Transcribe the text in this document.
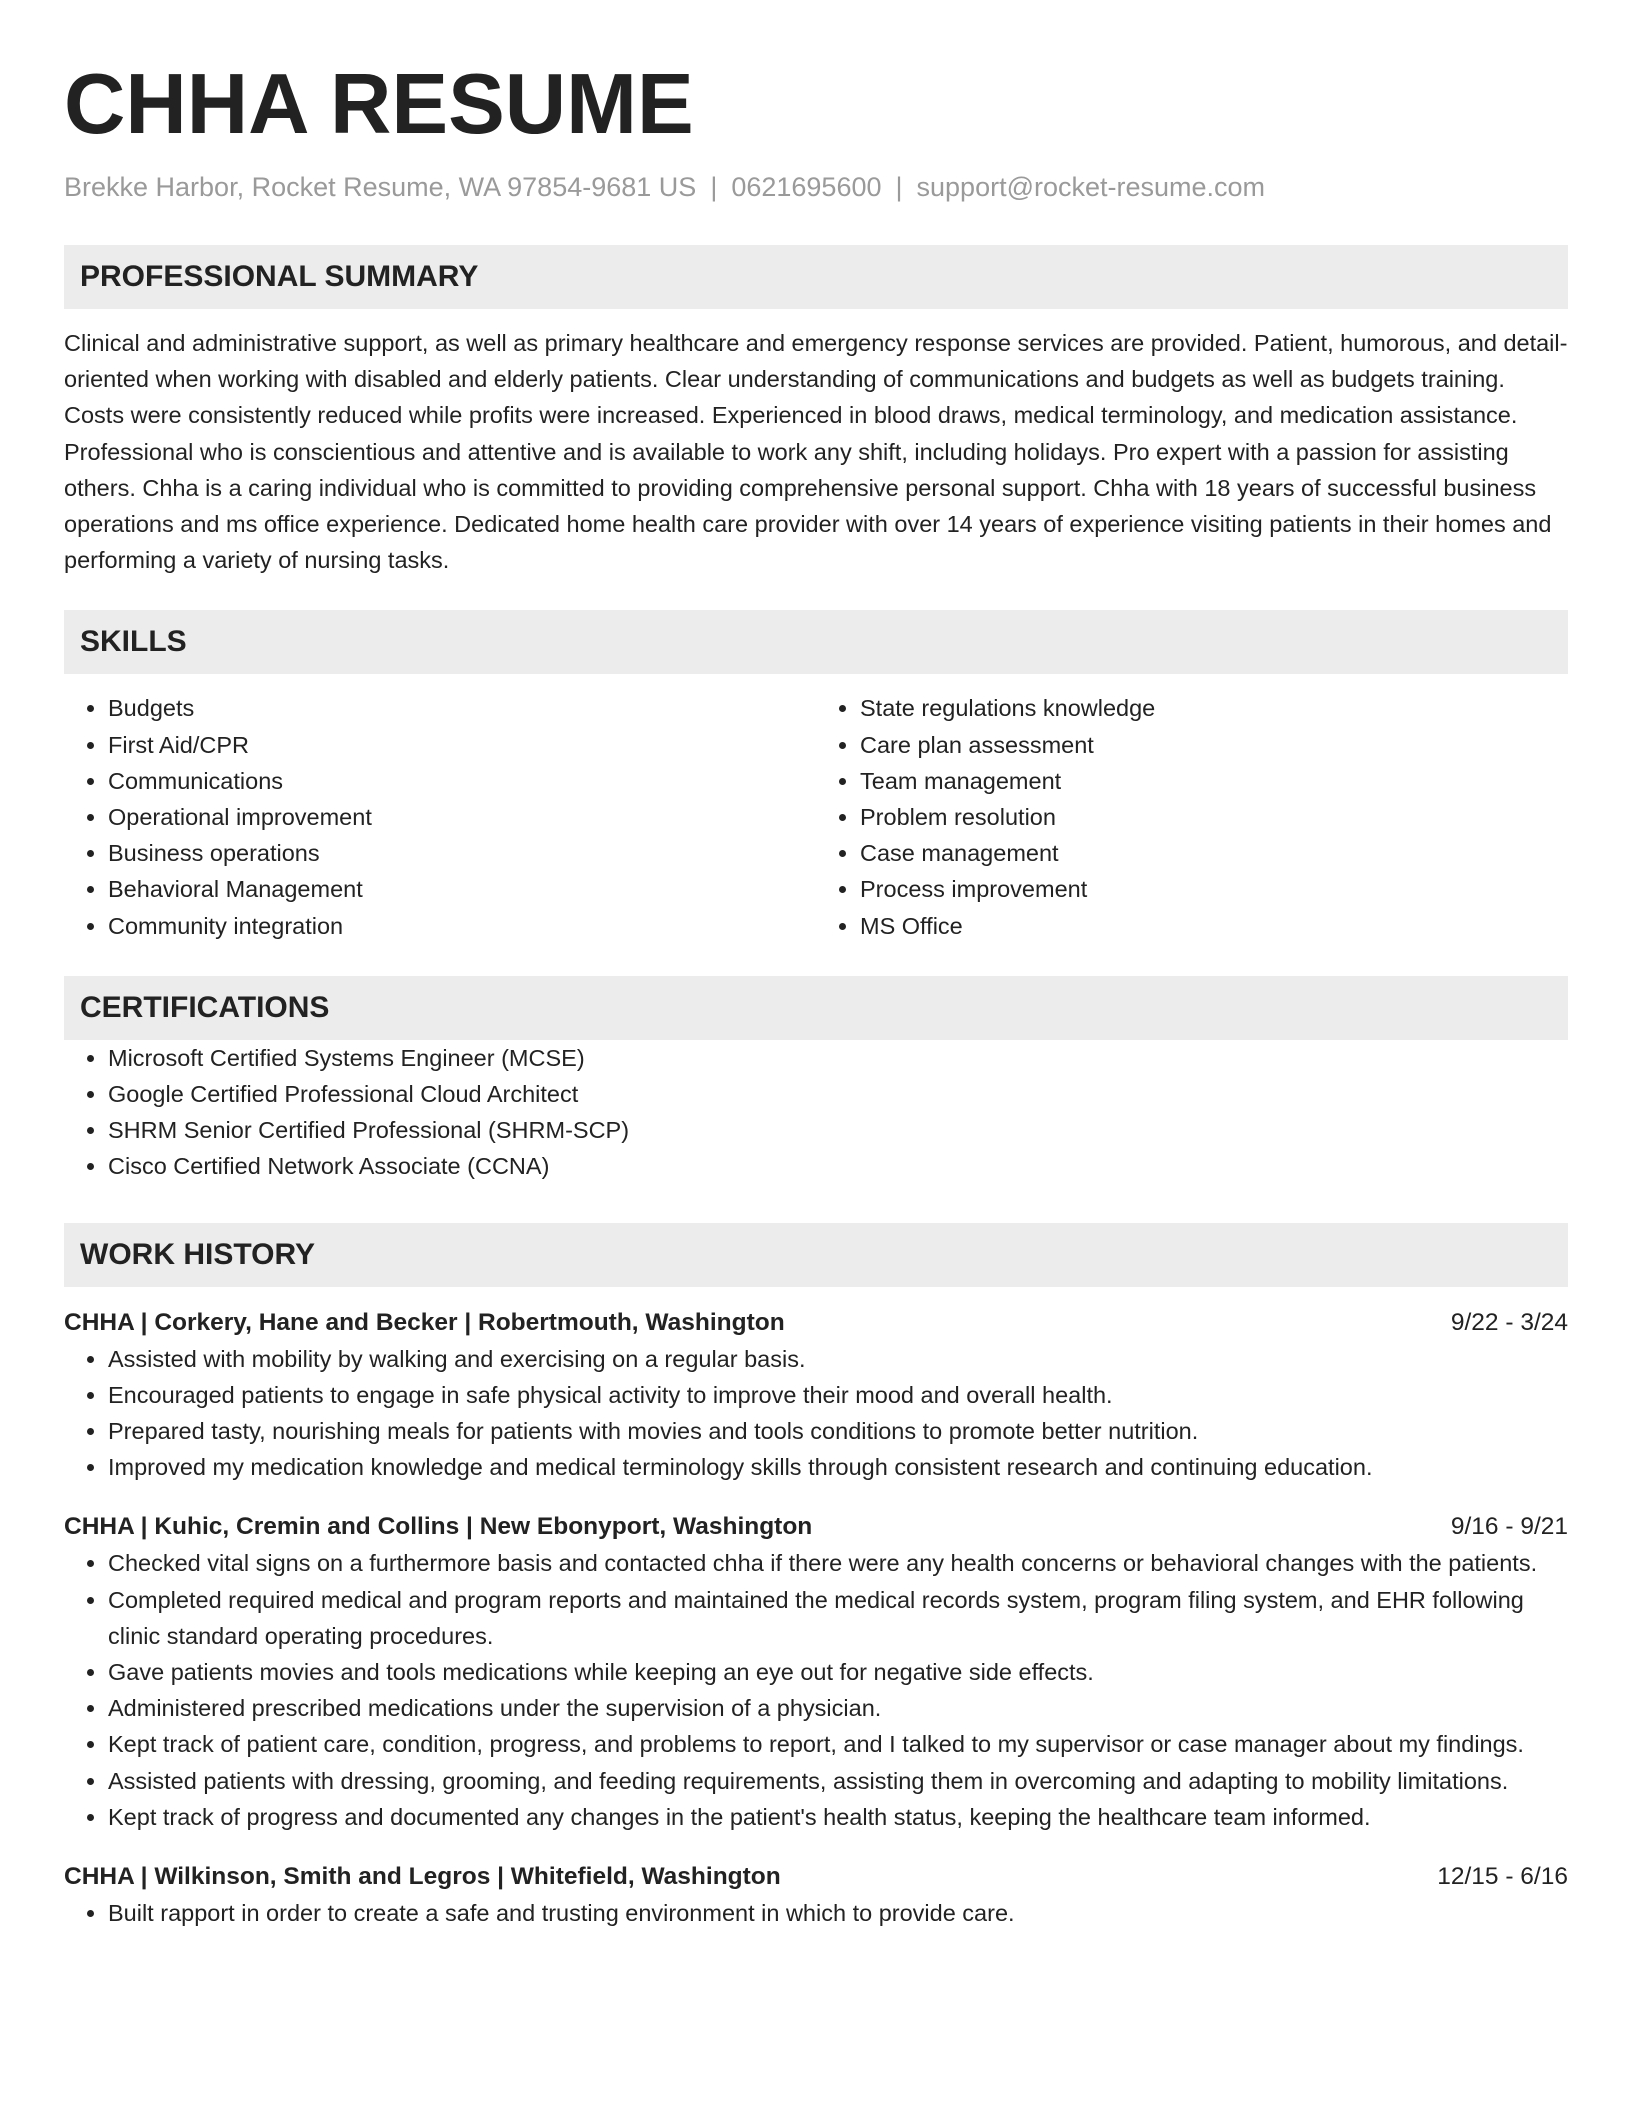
CHHA RESUME
Brekke Harbor, Rocket Resume, WA 97854-9681 US | 0621695600 | support@rocket-resume.com
PROFESSIONAL SUMMARY
Clinical and administrative support, as well as primary healthcare and emergency response services are provided. Patient, humorous, and detail-oriented when working with disabled and elderly patients. Clear understanding of communications and budgets as well as budgets training. Costs were consistently reduced while profits were increased. Experienced in blood draws, medical terminology, and medication assistance. Professional who is conscientious and attentive and is available to work any shift, including holidays. Pro expert with a passion for assisting others. Chha is a caring individual who is committed to providing comprehensive personal support. Chha with 18 years of successful business operations and ms office experience. Dedicated home health care provider with over 14 years of experience visiting patients in their homes and performing a variety of nursing tasks.
SKILLS
• Budgets
• First Aid/CPR
• Communications
• Operational improvement
• Business operations
• Behavioral Management
• Community integration
• State regulations knowledge
• Care plan assessment
• Team management
• Problem resolution
• Case management
• Process improvement
• MS Office
CERTIFICATIONS
• Microsoft Certified Systems Engineer (MCSE)
• Google Certified Professional Cloud Architect
• SHRM Senior Certified Professional (SHRM-SCP)
• Cisco Certified Network Associate (CCNA)
WORK HISTORY
CHHA | Corkery, Hane and Becker | Robertmouth, Washington	9/22 - 3/24
• Assisted with mobility by walking and exercising on a regular basis.
• Encouraged patients to engage in safe physical activity to improve their mood and overall health.
• Prepared tasty, nourishing meals for patients with movies and tools conditions to promote better nutrition.
• Improved my medication knowledge and medical terminology skills through consistent research and continuing education.
CHHA | Kuhic, Cremin and Collins | New Ebonyport, Washington	9/16 - 9/21
• Checked vital signs on a furthermore basis and contacted chha if there were any health concerns or behavioral changes with the patients.
• Completed required medical and program reports and maintained the medical records system, program filing system, and EHR following clinic standard operating procedures.
• Gave patients movies and tools medications while keeping an eye out for negative side effects.
• Administered prescribed medications under the supervision of a physician.
• Kept track of patient care, condition, progress, and problems to report, and I talked to my supervisor or case manager about my findings.
• Assisted patients with dressing, grooming, and feeding requirements, assisting them in overcoming and adapting to mobility limitations.
• Kept track of progress and documented any changes in the patient's health status, keeping the healthcare team informed.
CHHA | Wilkinson, Smith and Legros | Whitefield, Washington	12/15 - 6/16
• Built rapport in order to create a safe and trusting environment in which to provide care.
